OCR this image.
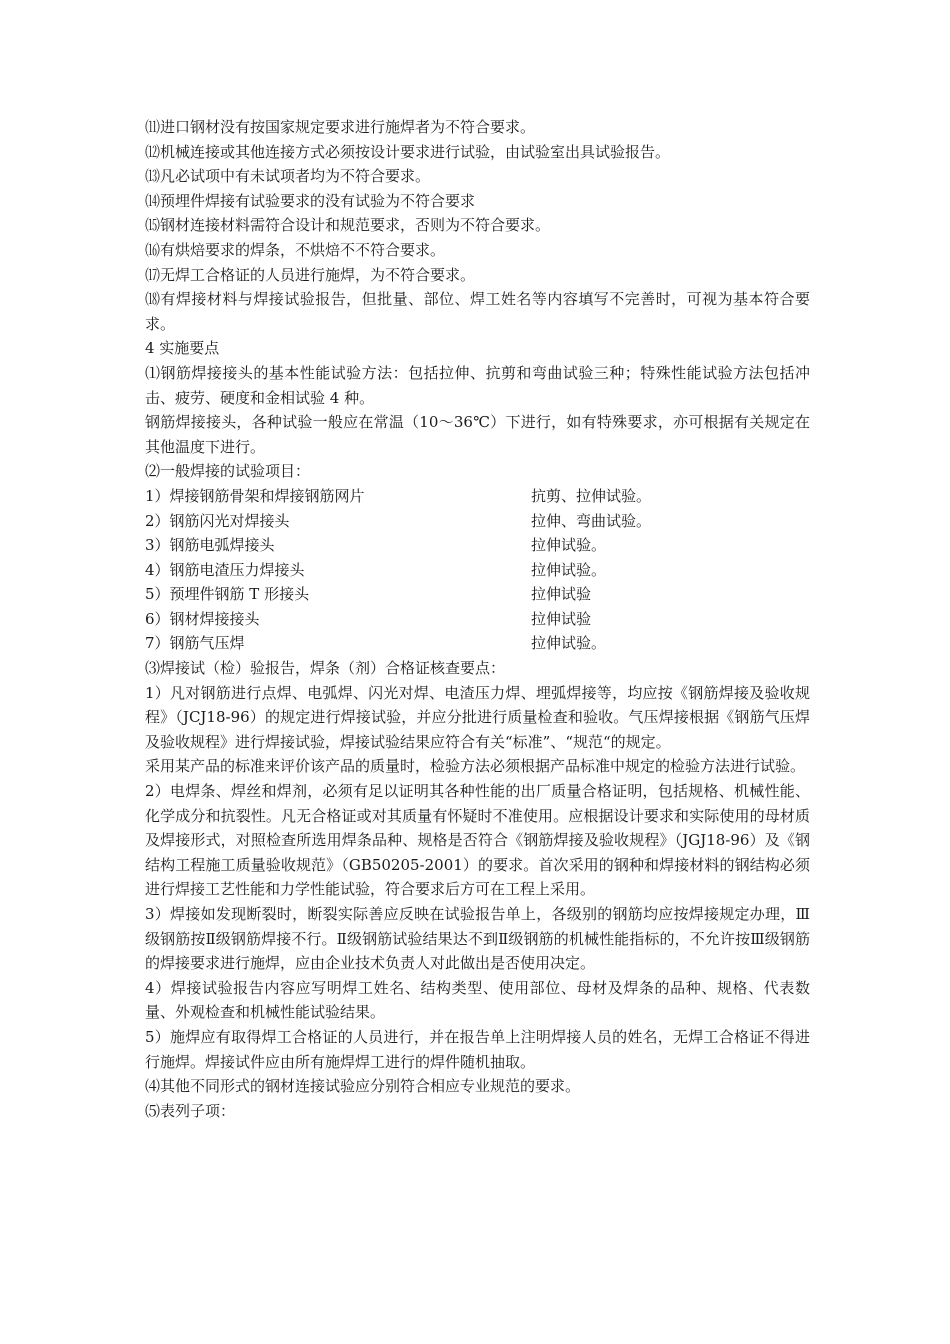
⑾进口钢材没有按国家规定要求进行施焊者为不符合要求。

⑿机械连接或其他连接方式必须按设计要求进行试验，由试验室出具试验报告。

⒀凡必试项中有未试项者均为不符合要求。

⒁预埋件焊接有试验要求的没有试验为不符合要求

⒂钢材连接材料需符合设计和规范要求，否则为不符合要求。

⒃有烘焙要求的焊条，不烘焙不不符合要求。

⒄无焊工合格证的人员进行施焊，为不符合要求。

⒅有焊接材料与焊接试验报告，但批量、部位、焊工姓名等内容填写不完善时，可视为基本符合要求。

4 实施要点

⑴钢筋焊接接头的基本性能试验方法：包括拉伸、抗剪和弯曲试验三种；特殊性能试验方法包括冲击、疲劳、硬度和金相试验 4 种。

钢筋焊接接头，各种试验一般应在常温（10～36℃）下进行，如有特殊要求，亦可根据有关规定在其他温度下进行。

⑵一般焊接的试验项目：

1）焊接钢筋骨架和焊接钢筋网片	抗剪、拉伸试验。
2）钢筋闪光对焊接头	拉伸、弯曲试验。
3）钢筋电弧焊接头	拉伸试验。
4）钢筋电渣压力焊接头	拉伸试验。
5）预埋件钢筋 T 形接头	拉伸试验
6）钢材焊接接头	拉伸试验
7）钢筋气压焊	拉伸试验。

⑶焊接试（检）验报告，焊条（剂）合格证核查要点：

1）凡对钢筋进行点焊、电弧焊、闪光对焊、电渣压力焊、埋弧焊接等，均应按《钢筋焊接及验收规程》（JCJ18-96）的规定进行焊接试验，并应分批进行质量检查和验收。气压焊接根据《钢筋气压焊及验收规程》进行焊接试验，焊接试验结果应符合有关“标准”、“规范“的规定。

采用某产品的标准来评价该产品的质量时，检验方法必须根据产品标准中规定的检验方法进行试验。

2）电焊条、焊丝和焊剂，必须有足以证明其各种性能的出厂质量合格证明，包括规格、机械性能、化学成分和抗裂性。凡无合格证或对其质量有怀疑时不准使用。应根据设计要求和实际使用的母材质及焊接形式，对照检查所选用焊条品种、规格是否符合《钢筋焊接及验收规程》（JGJ18-96）及《钢结构工程施工质量验收规范》（GB50205-2001）的要求。首次采用的钢种和焊接材料的钢结构必须进行焊接工艺性能和力学性能试验，符合要求后方可在工程上采用。

3）焊接如发现断裂时，断裂实际善应反映在试验报告单上，各级别的钢筋均应按焊接规定办理，Ⅲ级钢筋按Ⅱ级钢筋焊接不行。Ⅱ级钢筋试验结果达不到Ⅱ级钢筋的机械性能指标的，不允许按Ⅲ级钢筋的焊接要求进行施焊，应由企业技术负责人对此做出是否使用决定。

4）焊接试验报告内容应写明焊工姓名、结构类型、使用部位、母材及焊条的品种、规格、代表数量、外观检查和机械性能试验结果。

5）施焊应有取得焊工合格证的人员进行，并在报告单上注明焊接人员的姓名，无焊工合格证不得进行施焊。焊接试件应由所有施焊焊工进行的焊件随机抽取。

⑷其他不同形式的钢材连接试验应分别符合相应专业规范的要求。

⑸表列子项：
